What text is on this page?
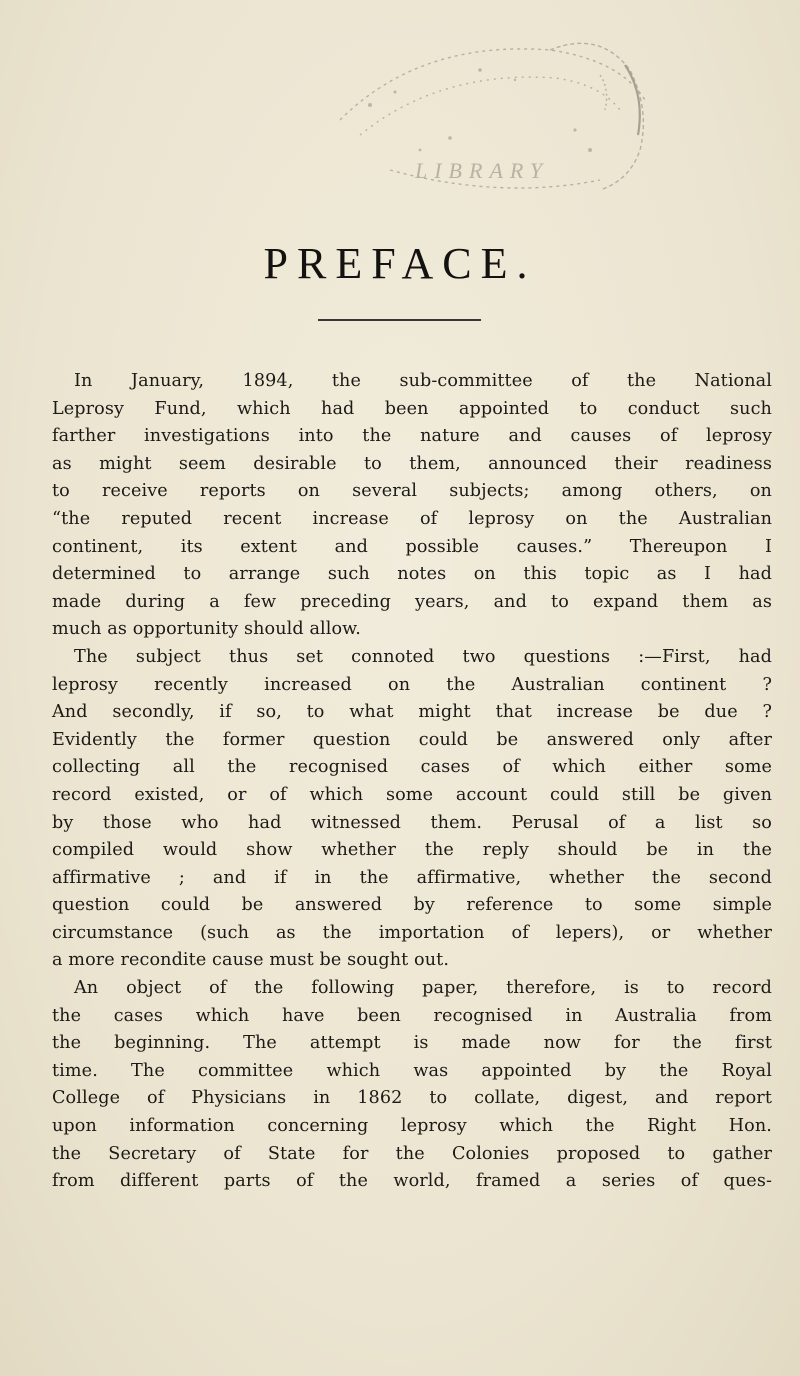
LIBRARY
PREFACE.
In January, 1894, the sub-committee of the National
Leprosy Fund, which had been appointed to conduct such
farther investigations into the nature and causes of leprosy
as might seem desirable to them, announced their readiness
to receive reports on several subjects; among others, on
“the reputed recent increase of leprosy on the Australian
continent, its extent and possible causes.” Thereupon I
determined to arrange such notes on this topic as I had
made during a few preceding years, and to expand them as
much as opportunity should allow.
The subject thus set connoted two questions :—First, had
leprosy recently increased on the Australian continent ?
And secondly, if so, to what might that increase be due ?
Evidently the former question could be answered only after
collecting all the recognised cases of which either some
record existed, or of which some account could still be given
by those who had witnessed them. Perusal of a list so
compiled would show whether the reply should be in the
affirmative ; and if in the affirmative, whether the second
question could be answered by reference to some simple
circumstance (such as the importation of lepers), or whether
a more recondite cause must be sought out.
An object of the following paper, therefore, is to record
the cases which have been recognised in Australia from
the beginning. The attempt is made now for the first
time. The committee which was appointed by the Royal
College of Physicians in 1862 to collate, digest, and report
upon information concerning leprosy which the Right Hon.
the Secretary of State for the Colonies proposed to gather
from different parts of the world, framed a series of ques-
